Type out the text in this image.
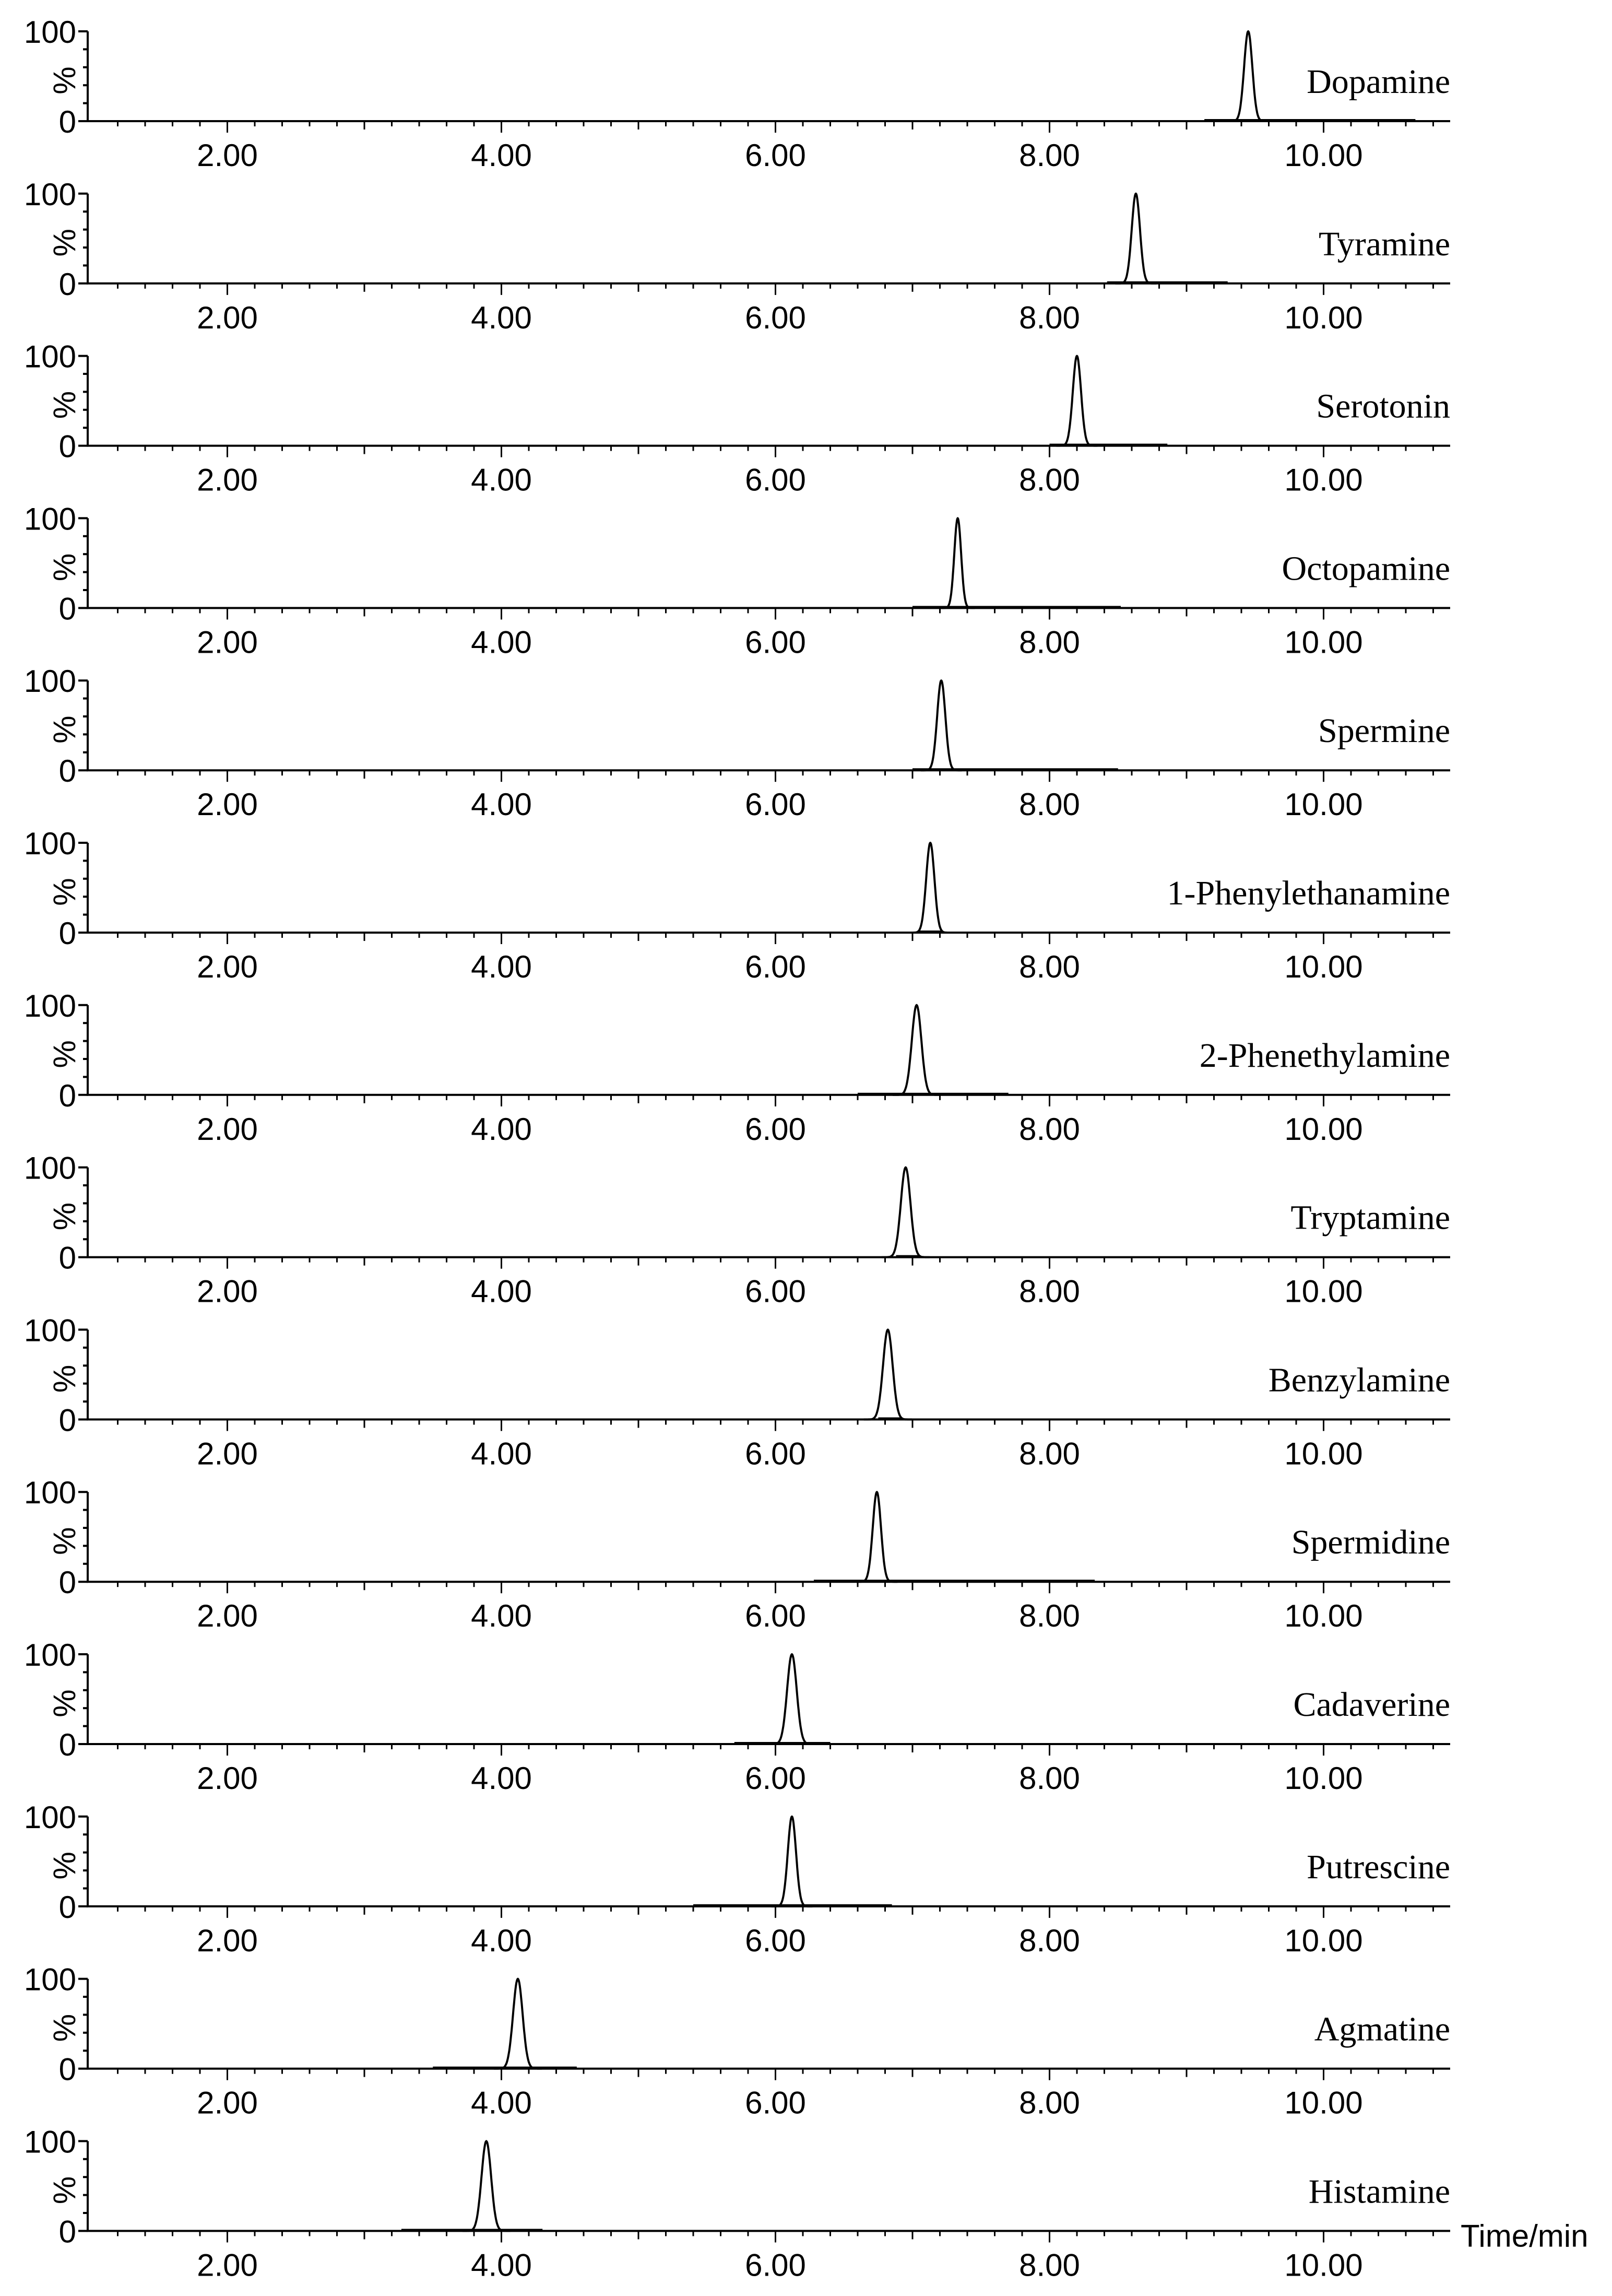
100
0
%
2.00	4.00	6.00	8.00	10.00
Dopamine
100
0
%
2.00	4.00	6.00	8.00	10.00
Tyramine
100
0
%
2.00	4.00	6.00	8.00	10.00
Serotonin
100
0
%
2.00	4.00	6.00	8.00	10.00
Octopamine
100
0
%
2.00	4.00	6.00	8.00	10.00
Spermine
100
0
%
2.00	4.00	6.00	8.00	10.00
1-Phenylethanamine
100
0
%
2.00	4.00	6.00	8.00	10.00
2-Phenethylamine
100
0
%
2.00	4.00	6.00	8.00	10.00
Tryptamine
100
0
%
2.00	4.00	6.00	8.00	10.00
Benzylamine
100
0
%
2.00	4.00	6.00	8.00	10.00
Spermidine
100
0
%
2.00	4.00	6.00	8.00	10.00
Cadaverine
100
0
%
2.00	4.00	6.00	8.00	10.00
Putrescine
100
0
%
2.00	4.00	6.00	8.00	10.00
Agmatine
100
0
%
2.00	4.00	6.00	8.00	10.00
Histamine
Time/min
